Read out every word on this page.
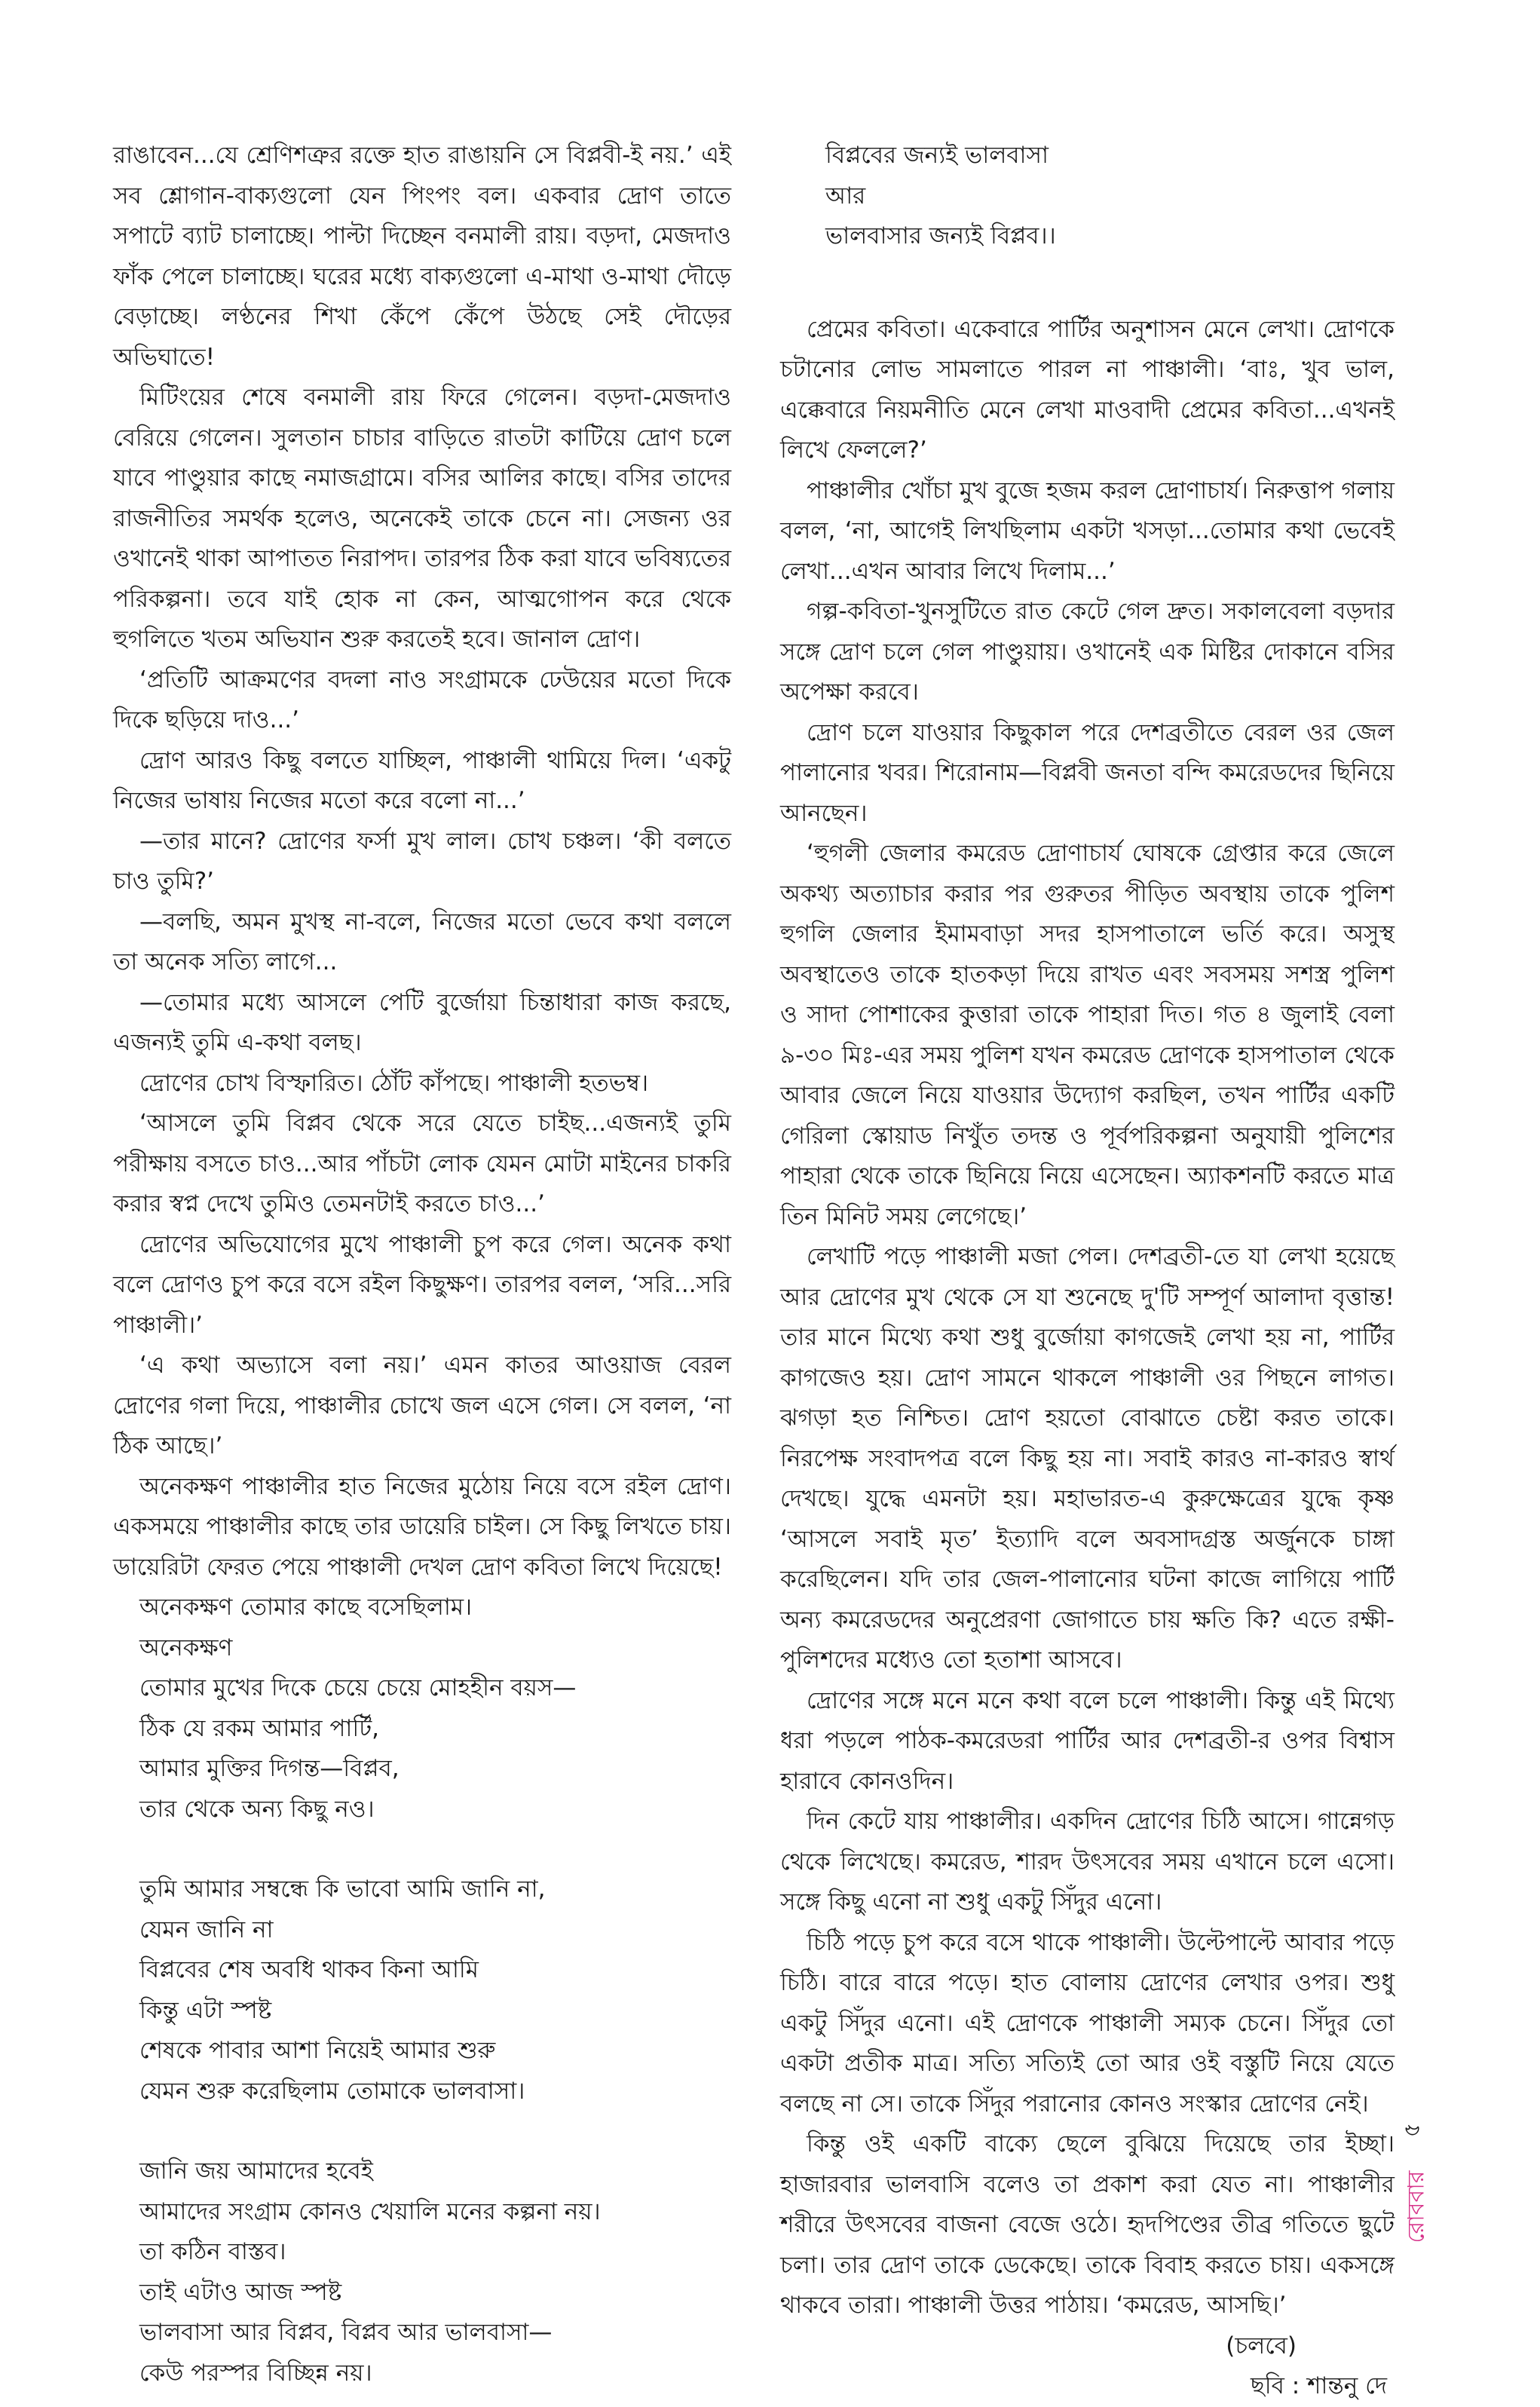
রাঙাবেন...যে শ্রেণিশত্রুর রক্তে হাত রাঙায়নি সে বিপ্লবী-ই নয়.’ এই সব শ্লোগান-বাক্যগুলো যেন পিংপং বল। একবার দ্রোণ তাতে সপাটে ব্যাট চালাচ্ছে। পাল্টা দিচ্ছেন বনমালী রায়। বড়দা, মেজদাও ফাঁক পেলে চালাচ্ছে। ঘরের মধ্যে বাক্যগুলো এ-মাথা ও-মাথা দৌড়ে বেড়াচ্ছে। লণ্ঠনের শিখা কেঁপে কেঁপে উঠছে সেই দৌড়ের অভিঘাতে!

মিটিংয়ের শেষে বনমালী রায় ফিরে গেলেন। বড়দা-মেজদাও বেরিয়ে গেলেন। সুলতান চাচার বাড়িতে রাতটা কাটিয়ে দ্রোণ চলে যাবে পাণ্ডুয়ার কাছে নমাজগ্রামে। বসির আলির কাছে। বসির তাদের রাজনীতির সমর্থক হলেও, অনেকেই তাকে চেনে না। সেজন্য ওর ওখানেই থাকা আপাতত নিরাপদ। তারপর ঠিক করা যাবে ভবিষ্যতের পরিকল্পনা। তবে যাই হোক না কেন, আত্মগোপন করে থেকে হুগলিতে খতম অভিযান শুরু করতেই হবে। জানাল দ্রোণ।

‘প্রতিটি আক্রমণের বদলা নাও সংগ্রামকে ঢেউয়ের মতো দিকে দিকে ছড়িয়ে দাও...’

দ্রোণ আরও কিছু বলতে যাচ্ছিল, পাঞ্চালী থামিয়ে দিল। ‘একটু নিজের ভাষায় নিজের মতো করে বলো না...’

—তার মানে? দ্রোণের ফর্সা মুখ লাল। চোখ চঞ্চল। ‘কী বলতে চাও তুমি?’

—বলছি, অমন মুখস্থ না-বলে, নিজের মতো ভেবে কথা বললে তা অনেক সত্যি লাগে...

—তোমার মধ্যে আসলে পেটি বুর্জোয়া চিন্তাধারা কাজ করছে, এজন্যই তুমি এ-কথা বলছ।

দ্রোণের চোখ বিস্ফারিত। ঠোঁট কাঁপছে। পাঞ্চালী হতভম্ব।

‘আসলে তুমি বিপ্লব থেকে সরে যেতে চাইছ...এজন্যই তুমি পরীক্ষায় বসতে চাও...আর পাঁচটা লোক যেমন মোটা মাইনের চাকরি করার স্বপ্ন দেখে তুমিও তেমনটাই করতে চাও...’

দ্রোণের অভিযোগের মুখে পাঞ্চালী চুপ করে গেল। অনেক কথা বলে দ্রোণও চুপ করে বসে রইল কিছুক্ষণ। তারপর বলল, ‘সরি...সরি পাঞ্চালী।’

‘এ কথা অভ্যাসে বলা নয়।’ এমন কাতর আওয়াজ বেরল দ্রোণের গলা দিয়ে, পাঞ্চালীর চোখে জল এসে গেল। সে বলল, ‘না ঠিক আছে।’

অনেকক্ষণ পাঞ্চালীর হাত নিজের মুঠোয় নিয়ে বসে রইল দ্রোণ। একসময়ে পাঞ্চালীর কাছে তার ডায়েরি চাইল। সে কিছু লিখতে চায়। ডায়েরিটা ফেরত পেয়ে পাঞ্চালী দেখল দ্রোণ কবিতা লিখে দিয়েছে!

অনেকক্ষণ তোমার কাছে বসেছিলাম।
অনেকক্ষণ
তোমার মুখের দিকে চেয়ে চেয়ে মোহহীন বয়স—
ঠিক যে রকম আমার পার্টি,
আমার মুক্তির দিগন্ত—বিপ্লব,
তার থেকে অন্য কিছু নও।
তুমি আমার সম্বন্ধে কি ভাবো আমি জানি না,
যেমন জানি না
বিপ্লবের শেষ অবধি থাকব কিনা আমি
কিন্তু এটা স্পষ্ট
শেষকে পাবার আশা নিয়েই আমার শুরু
যেমন শুরু করেছিলাম তোমাকে ভালবাসা।
জানি জয় আমাদের হবেই
আমাদের সংগ্রাম কোনও খেয়ালি মনের কল্পনা নয়।
তা কঠিন বাস্তব।
তাই এটাও আজ স্পষ্ট
ভালবাসা আর বিপ্লব, বিপ্লব আর ভালবাসা—
কেউ পরস্পর বিচ্ছিন্ন নয়।
বিপ্লবের জন্যই ভালবাসা
আর
ভালবাসার জন্যই বিপ্লব।।

প্রেমের কবিতা। একেবারে পার্টির অনুশাসন মেনে লেখা। দ্রোণকে চটানোর লোভ সামলাতে পারল না পাঞ্চালী। ‘বাঃ, খুব ভাল, এক্কেবারে নিয়মনীতি মেনে লেখা মাওবাদী প্রেমের কবিতা...এখনই লিখে ফেললে?’

পাঞ্চালীর খোঁচা মুখ বুজে হজম করল দ্রোণাচার্য। নিরুত্তাপ গলায় বলল, ‘না, আগেই লিখছিলাম একটা খসড়া...তোমার কথা ভেবেই লেখা...এখন আবার লিখে দিলাম...’

গল্প-কবিতা-খুনসুটিতে রাত কেটে গেল দ্রুত। সকালবেলা বড়দার সঙ্গে দ্রোণ চলে গেল পাণ্ডুয়ায়। ওখানেই এক মিষ্টির দোকানে বসির অপেক্ষা করবে।

দ্রোণ চলে যাওয়ার কিছুকাল পরে দেশব্রতীতে বেরল ওর জেল পালানোর খবর। শিরোনাম—বিপ্লবী জনতা বন্দি কমরেডদের ছিনিয়ে আনছেন।

‘হুগলী জেলার কমরেড দ্রোণাচার্য ঘোষকে গ্রেপ্তার করে জেলে অকথ্য অত্যাচার করার পর গুরুতর পীড়িত অবস্থায় তাকে পুলিশ হুগলি জেলার ইমামবাড়া সদর হাসপাতালে ভর্তি করে। অসুস্থ অবস্থাতেও তাকে হাতকড়া দিয়ে রাখত এবং সবসময় সশস্ত্র পুলিশ ও সাদা পোশাকের কুত্তারা তাকে পাহারা দিত। গত ৪ জুলাই বেলা ৯-৩০ মিঃ-এর সময় পুলিশ যখন কমরেড দ্রোণকে হাসপাতাল থেকে আবার জেলে নিয়ে যাওয়ার উদ্যোগ করছিল, তখন পার্টির একটি গেরিলা স্কোয়াড নিখুঁত তদন্ত ও পূর্বপরিকল্পনা অনুযায়ী পুলিশের পাহারা থেকে তাকে ছিনিয়ে নিয়ে এসেছেন। অ্যাকশনটি করতে মাত্র তিন মিনিট সময় লেগেছে।’

লেখাটি পড়ে পাঞ্চালী মজা পেল। দেশব্রতী-তে যা লেখা হয়েছে আর দ্রোণের মুখ থেকে সে যা শুনেছে দু'টি সম্পূর্ণ আলাদা বৃত্তান্ত! তার মানে মিথ্যে কথা শুধু বুর্জোয়া কাগজেই লেখা হয় না, পার্টির কাগজেও হয়। দ্রোণ সামনে থাকলে পাঞ্চালী ওর পিছনে লাগত। ঝগড়া হত নিশ্চিত। দ্রোণ হয়তো বোঝাতে চেষ্টা করত তাকে। নিরপেক্ষ সংবাদপত্র বলে কিছু হয় না। সবাই কারও না-কারও স্বার্থ দেখছে। যুদ্ধে এমনটা হয়। মহাভারত-এ কুরুক্ষেত্রের যুদ্ধে কৃষ্ণ ‘আসলে সবাই মৃত’ ইত্যাদি বলে অবসাদগ্রস্ত অর্জুনকে চাঙ্গা করেছিলেন। যদি তার জেল-পালানোর ঘটনা কাজে লাগিয়ে পার্টি অন্য কমরেডদের অনুপ্রেরণা জোগাতে চায় ক্ষতি কি? এতে রক্ষী-পুলিশদের মধ্যেও তো হতাশা আসবে।

দ্রোণের সঙ্গে মনে মনে কথা বলে চলে পাঞ্চালী। কিন্তু এই মিথ্যে ধরা পড়লে পাঠক-কমরেডরা পার্টির আর দেশব্রতী-র ওপর বিশ্বাস হারাবে কোনওদিন।

দিন কেটে যায় পাঞ্চালীর। একদিন দ্রোণের চিঠি আসে। গান্নেগড় থেকে লিখেছে। কমরেড, শারদ উৎসবের সময় এখানে চলে এসো। সঙ্গে কিছু এনো না শুধু একটু সিঁদুর এনো।

চিঠি পড়ে চুপ করে বসে থাকে পাঞ্চালী। উল্টেপাল্টে আবার পড়ে চিঠি। বারে বারে পড়ে। হাত বোলায় দ্রোণের লেখার ওপর। শুধু একটু সিঁদুর এনো। এই দ্রোণকে পাঞ্চালী সম্যক চেনে। সিঁদুর তো একটা প্রতীক মাত্র। সত্যি সত্যিই তো আর ওই বস্তুটি নিয়ে যেতে বলছে না সে। তাকে সিঁদুর পরানোর কোনও সংস্কার দ্রোণের নেই।

কিন্তু ওই একটি বাক্যে ছেলে বুঝিয়ে দিয়েছে তার ইচ্ছা। হাজারবার ভালবাসি বলেও তা প্রকাশ করা যেত না। পাঞ্চালীর শরীরে উৎসবের বাজনা বেজে ওঠে। হৃদপিণ্ডের তীব্র গতিতে ছুটে চলা। তার দ্রোণ তাকে ডেকেছে। তাকে বিবাহ করতে চায়। একসঙ্গে থাকবে তারা। পাঞ্চালী উত্তর পাঠায়। ‘কমরেড, আসছি।’

(চলবে)

ছবি : শান্তনু দে

৫
রোববার
